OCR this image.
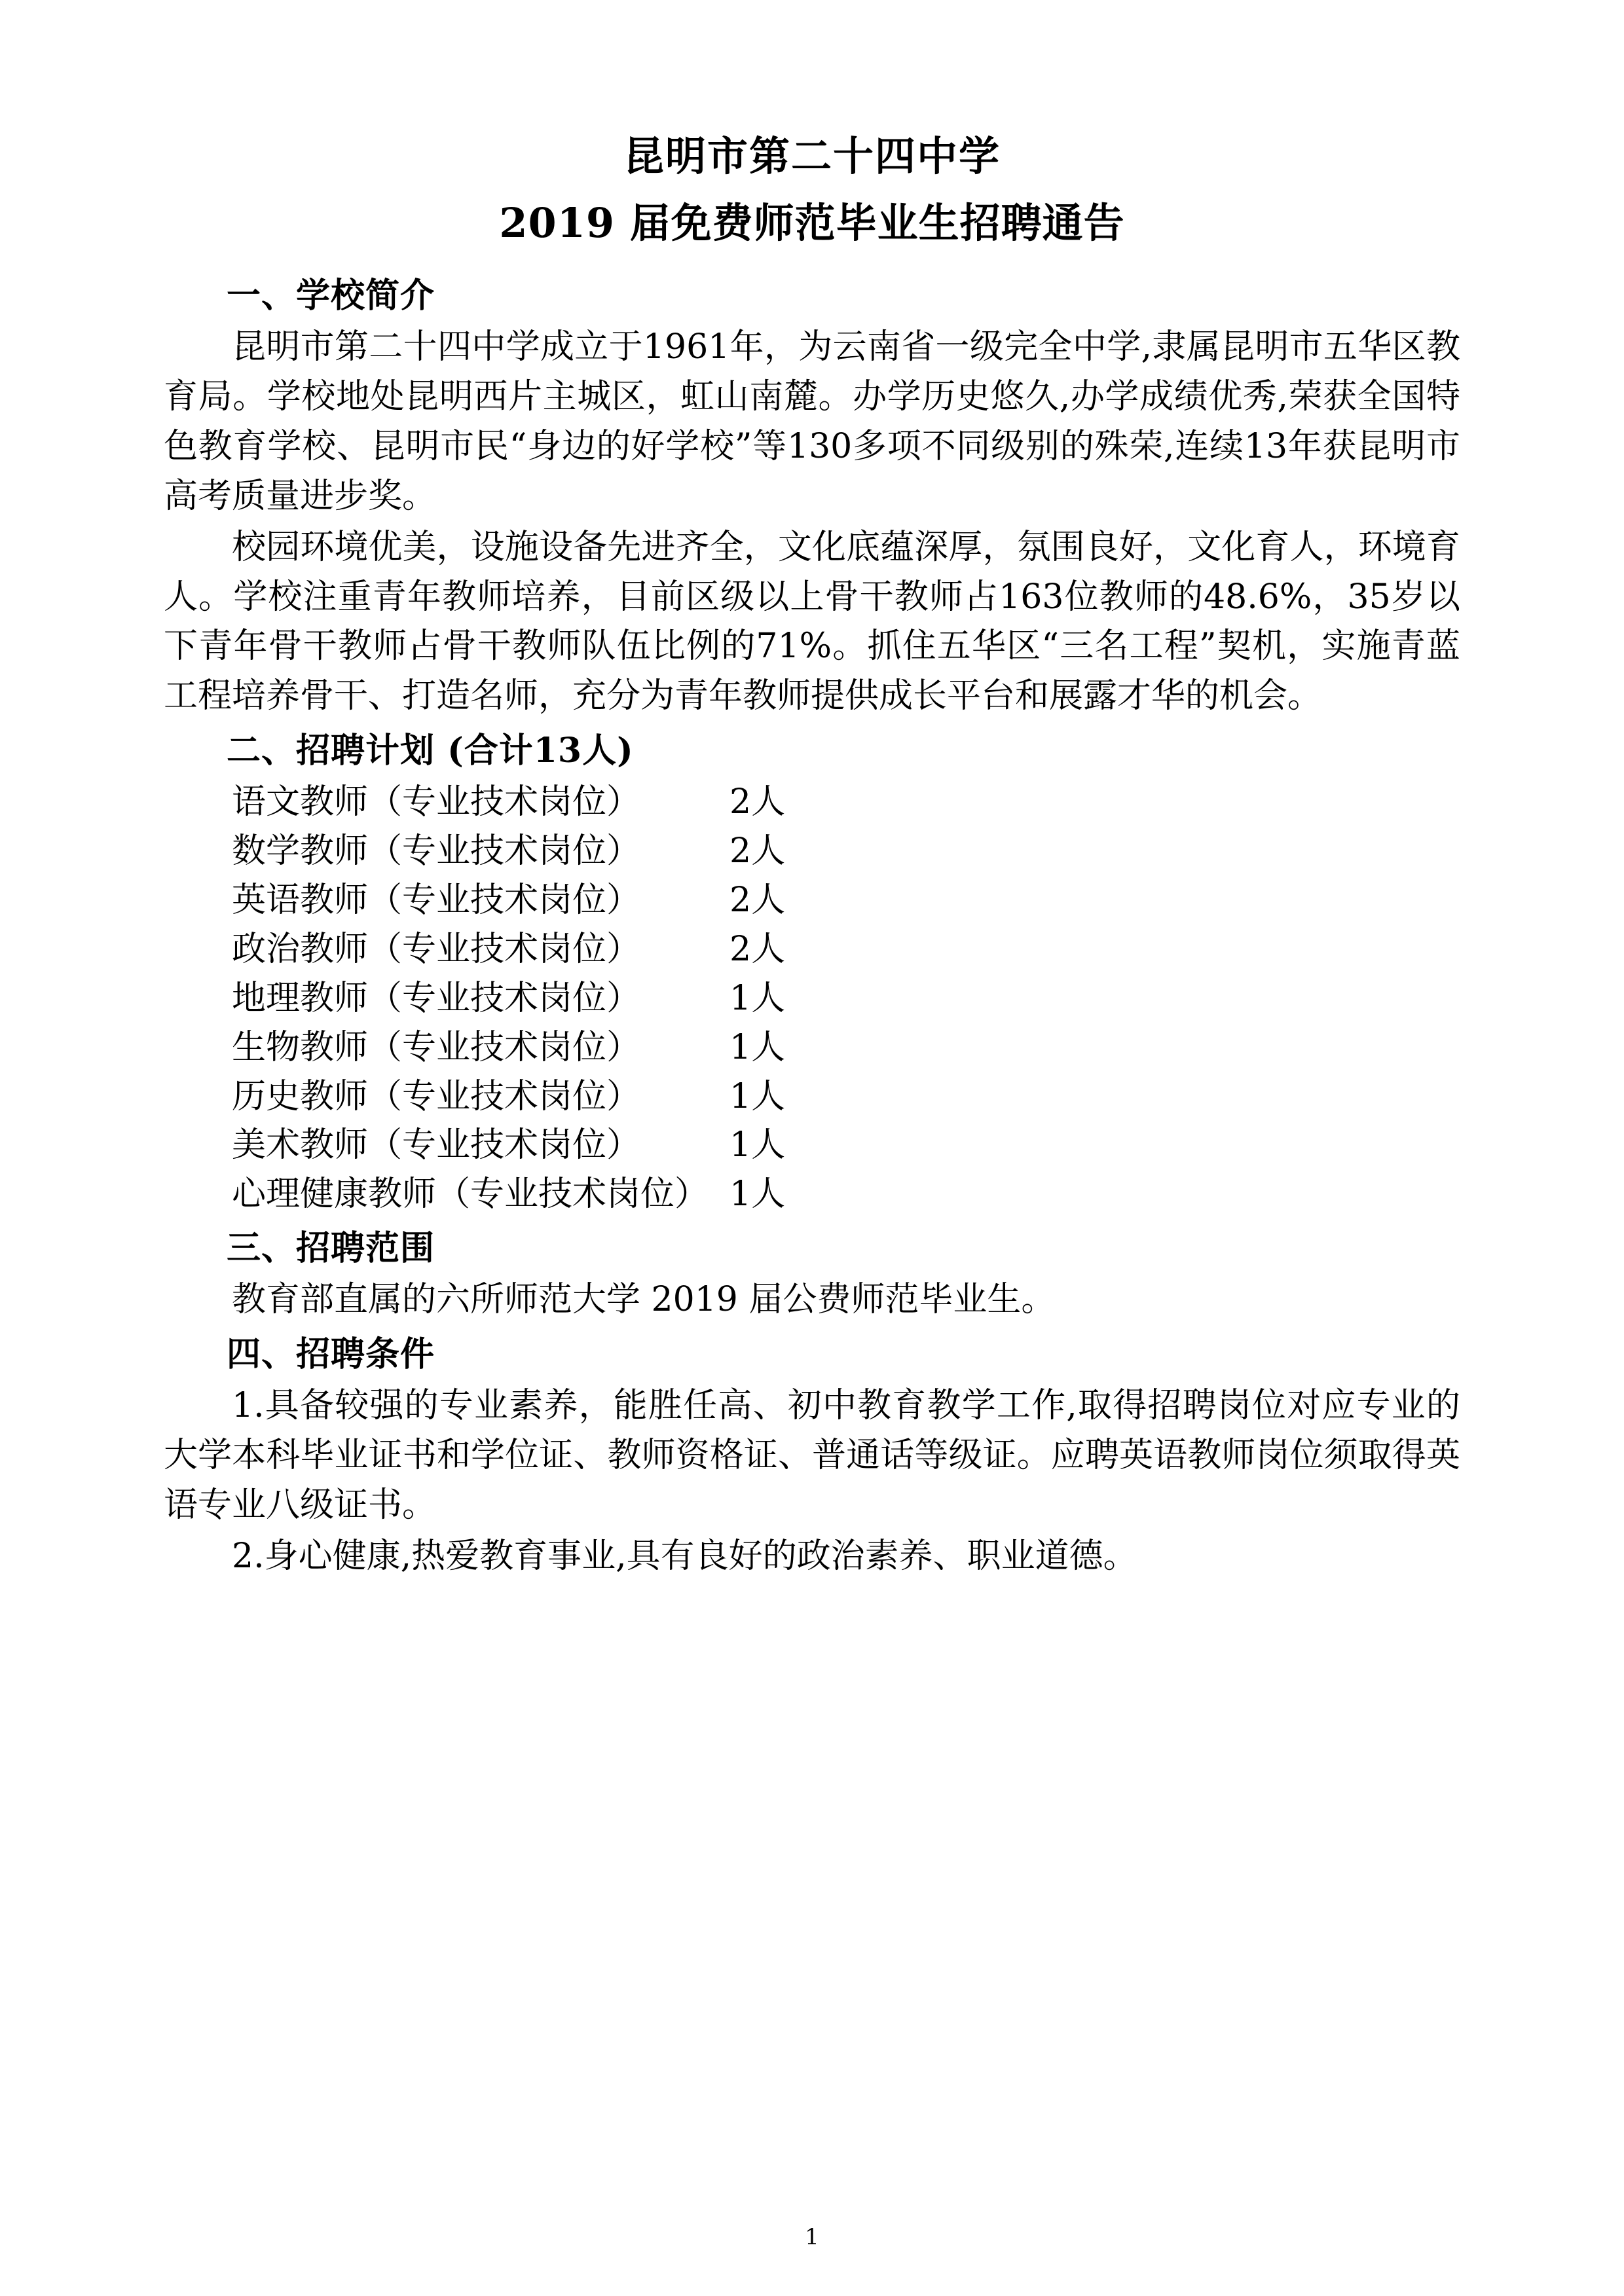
昆明市第二十四中学
2019 届免费师范毕业生招聘通告
一、学校简介

昆明市第二十四中学成立于1961年，为云南省一级完全中学,隶属昆明市五华区教育局。学校地处昆明西片主城区，虹山南麓。办学历史悠久,办学成绩优秀,荣获全国特色教育学校、昆明市民“身边的好学校”等130多项不同级别的殊荣,连续13年获昆明市高考质量进步奖。

校园环境优美，设施设备先进齐全，文化底蕴深厚，氛围良好，文化育人，环境育人。学校注重青年教师培养，目前区级以上骨干教师占163位教师的48.6%，35岁以下青年骨干教师占骨干教师队伍比例的71%。抓住五华区“三名工程”契机，实施青蓝工程培养骨干、打造名师，充分为青年教师提供成长平台和展露才华的机会。

二、招聘计划 (合计13人)
语文教师（专业技术岗位）	2人
数学教师（专业技术岗位）	2人
英语教师（专业技术岗位）	2人
政治教师（专业技术岗位）	2人
地理教师（专业技术岗位）	1人
生物教师（专业技术岗位）	1人
历史教师（专业技术岗位）	1人
美术教师（专业技术岗位）	1人
心理健康教师（专业技术岗位） 1人
三、招聘范围

教育部直属的六所师范大学 2019 届公费师范毕业生。

四、招聘条件

1.具备较强的专业素养，能胜任高、初中教育教学工作,取得招聘岗位对应专业的大学本科毕业证书和学位证、教师资格证、普通话等级证。应聘英语教师岗位须取得英语专业八级证书。

2.身心健康,热爱教育事业,具有良好的政治素养、职业道德。

1
